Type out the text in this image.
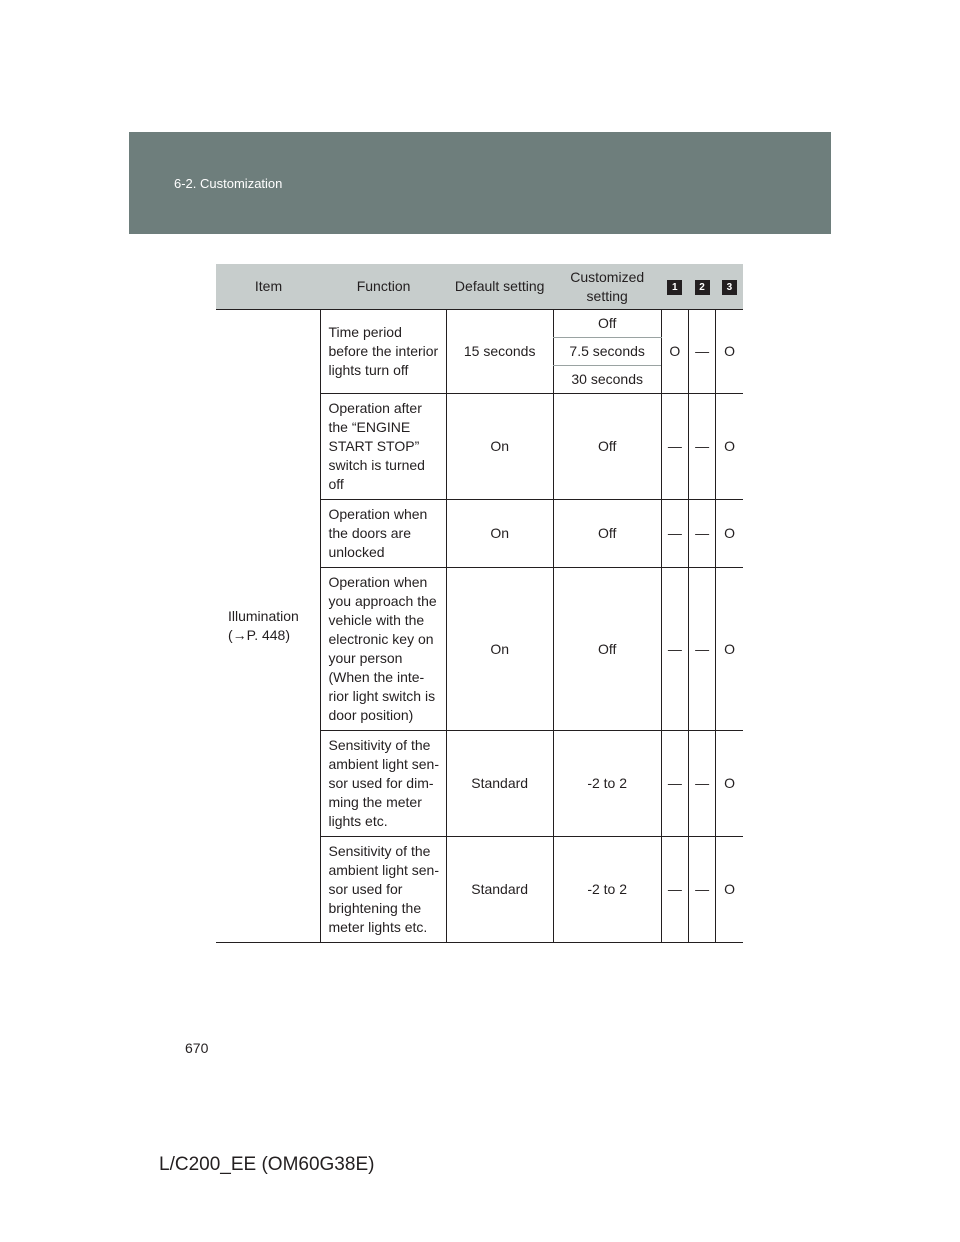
6-2. Customization
Item	Function	Default setting	Customized setting	1	2	3
Illumination (→P. 448)	Time period before the interior lights turn off	15 seconds	Off	O	—	O
			7.5 seconds			
			30 seconds			
	Operation after the “ENGINE START STOP” switch is turned off	On	Off	—	—	O
	Operation when the doors are unlocked	On	Off	—	—	O
	Operation when you approach the vehicle with the electronic key on your person (When the inte-rior light switch is door position)	On	Off	—	—	O
	Sensitivity of the ambient light sen-sor used for dim-ming the meter lights etc.	Standard	-2 to 2	—	—	O
	Sensitivity of the ambient light sen-sor used for brightening the meter lights etc.	Standard	-2 to 2	—	—	O
670
L/C200_EE (OM60G38E)
